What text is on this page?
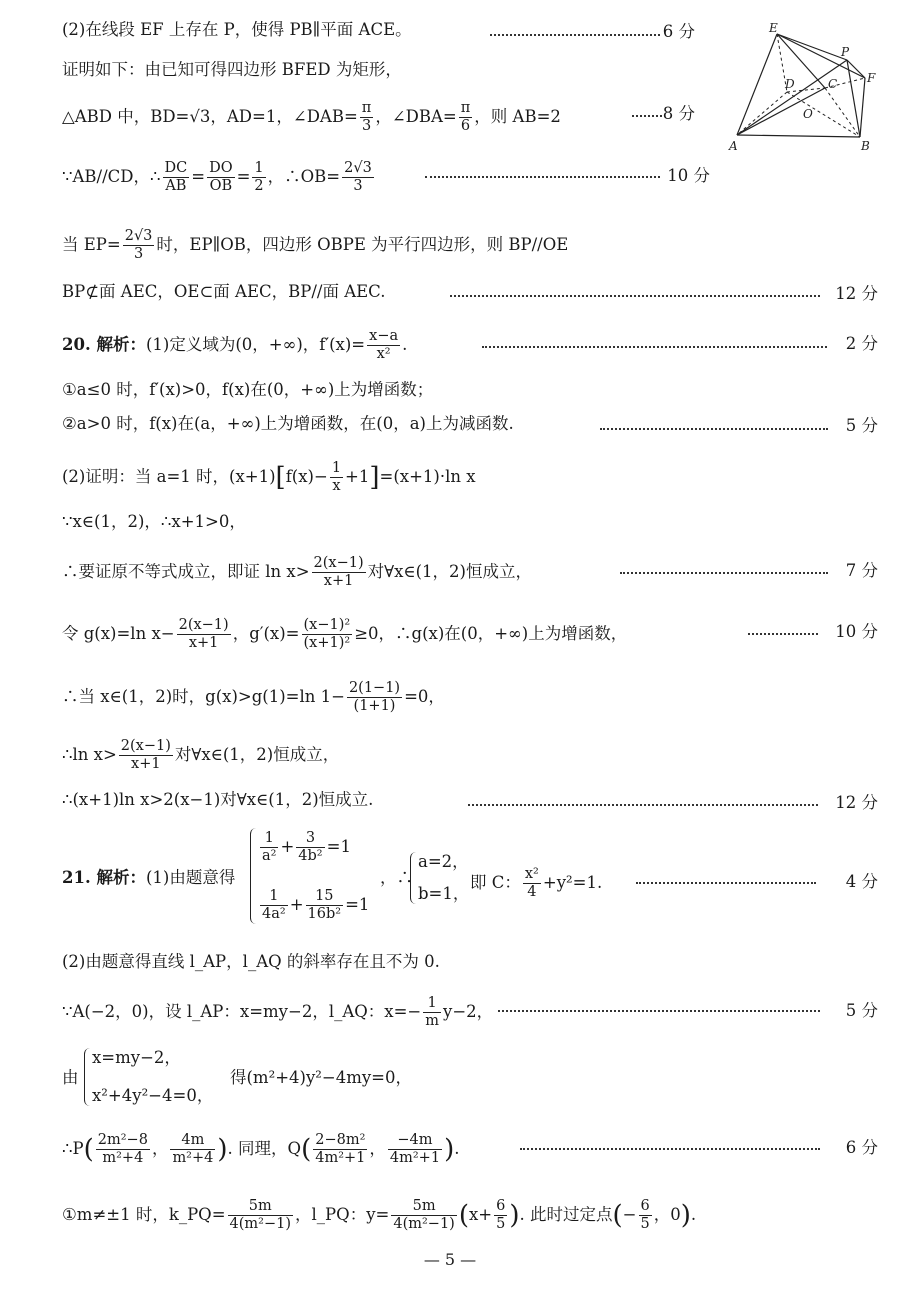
(2)在线段 EF 上存在 P，使得 PB∥平面 ACE。	6 分
证明如下：由已知可得四边形 BFED 为矩形，
△ABD 中，BD=√3，AD=1，∠DAB= $\frac{\pi}{3}$ ，∠DBA= $\frac{\pi}{6}$ ，则 AB=2	8 分
∵AB//CD，∴ $\frac{DC}{AB} = \frac{DO}{OB} = \frac{1}{2}$ ，∴OB= $\frac{2√3}{3}$	10 分
当 $EP= \frac{2√3}{3}$ 时，EP∥OB，四边形 OBPE 为平行四边形，则 BP//OE
BP⊄面 AEC，OE⊂面 AEC，BP//面 AEC.	12 分
E
P
F
D	C
O
A	B
20. 解析：(1)定义域为(0，+∞)，$f'(x)= \frac{x-a}{\text{x²}}$ .	2 分
①a≤0 时，f′(x)>0，f(x)在(0，+∞)上为增函数；
②a>0 时，f(x)在(a，+∞)上为增函数，在(0，a)上为减函数.	5 分
(2)证明：当 a=1 时，$(x+1)[f(x)- \frac{1}{x} +1]=(x+1)\cdot\ln$ x
∵x∈(1，2)，∴x+1>0，
∴要证原不等式成立，即证 $\ln x> \frac{2(x-1)}{x+1}$ 对∀x∈(1，2)恒成立，	7 分
令 g(x)=ln $x- \frac{2(x-1)}{x+1}$ ，$g'(x)= \frac{\text{(x−1)²}}{\text{(x+1)²}} \ge 0$，∴g(x)在(0，+∞)上为增函数，	10 分
∴当 x∈(1，2)时，g(x)>g(1)=ln $1- \frac{2(1-1)}{(1+1)} =0$，
∴ln $x> \frac{2(x-1)}{x+1}$ 对∀x∈(1，2)恒成立，
∴(x+1)ln x>2(x−1)对∀x∈(1，2)恒成立.	12 分
21. 解析：(1)由题意得
$\frac{1}{\text{a²}} + \frac{3}{\text{4b²}} =1$
$\frac{1}{\text{4a²}} + \frac{15}{\text{16b²}} =1$
，∴
a=2，
b=1，
即 C： $\frac{\text{x²}}{4} +y^2=1$.	4 分
(2)由题意得直线 l_AP，l_AQ 的斜率存在且不为 0.
∵A(−2，0)，设 l_AP：x=my−2，l_AQ：$x=- \frac{1}{m} y-2$，	5 分
由
x=my−2，
x²+4y²−4=0，
得(m²+4)y²−4my=0，
∴P( $\frac{\text{2m²−8}}{\text{m²+4}}$ ， $\frac{4m}{\text{m²+4}}$ ). 同理，$Q( \frac{\text{2−8m²}}{\text{4m²+1}}$ ， $\frac{-4m}{\text{4m²+1}}$ ).	6 分
①m≠±1 时，k_PQ= $\frac{5m}{\text{4(m²−1)}}$ ，l_PQ：$y= \frac{5m}{\text{4(m²−1)}} (x+ \frac{6}{5}$ ). 此时过定点(− $\frac{6}{5}$ ，0).
— 5 —
